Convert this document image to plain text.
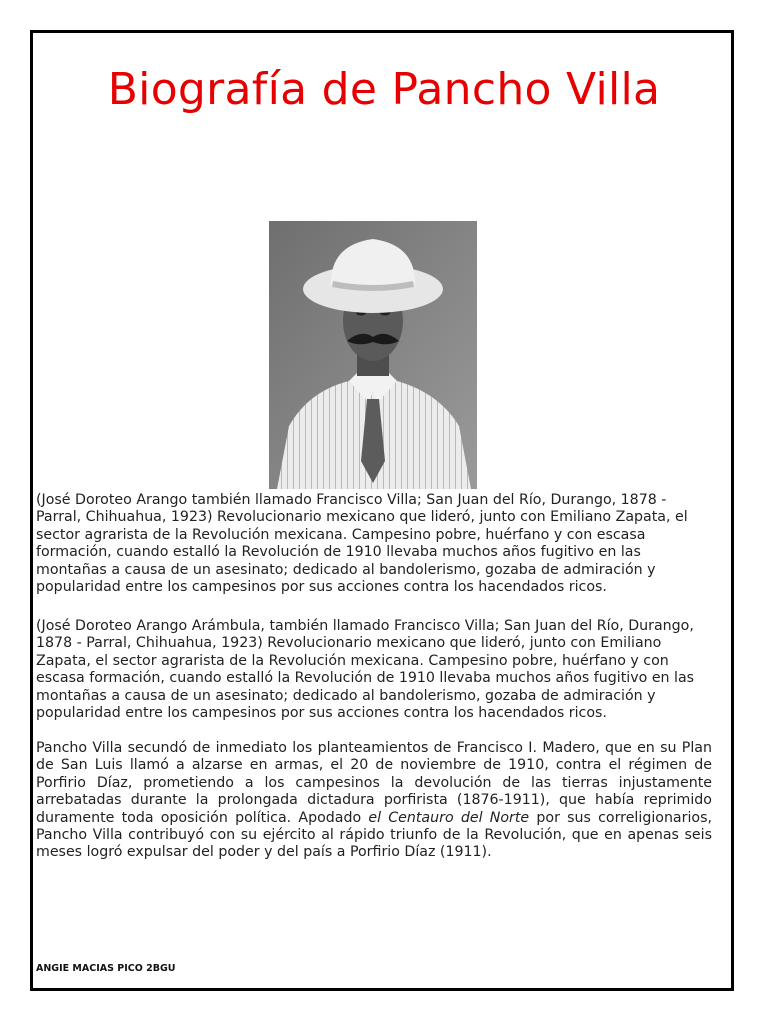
Biografía de Pancho Villa

(José Doroteo Arango también llamado Francisco Villa; San Juan del Río, Durango, 1878 - Parral, Chihuahua, 1923) Revolucionario mexicano que lideró, junto con Emiliano Zapata, el sector agrarista de la Revolución mexicana. Campesino pobre, huérfano y con escasa formación, cuando estalló la Revolución de 1910 llevaba muchos años fugitivo en las montañas a causa de un asesinato; dedicado al bandolerismo, gozaba de admiración y popularidad entre los campesinos por sus acciones contra los hacendados ricos.

(José Doroteo Arango Arámbula, también llamado Francisco Villa; San Juan del Río, Durango, 1878 - Parral, Chihuahua, 1923) Revolucionario mexicano que lideró, junto con Emiliano Zapata, el sector agrarista de la Revolución mexicana. Campesino pobre, huérfano y con escasa formación, cuando estalló la Revolución de 1910 llevaba muchos años fugitivo en las montañas a causa de un asesinato; dedicado al bandolerismo, gozaba de admiración y popularidad entre los campesinos por sus acciones contra los hacendados ricos.

Pancho Villa secundó de inmediato los planteamientos de Francisco I. Madero, que en su Plan de San Luis llamó a alzarse en armas, el 20 de noviembre de 1910, contra el régimen de Porfirio Díaz, prometiendo a los campesinos la devolución de las tierras injustamente arrebatadas durante la prolongada dictadura porfirista (1876-1911), que había reprimido duramente toda oposición política. Apodado el Centauro del Norte por sus correligionarios, Pancho Villa contribuyó con su ejército al rápido triunfo de la Revolución, que en apenas seis meses logró expulsar del poder y del país a Porfirio Díaz (1911).

ANGIE MACIAS PICO 2BGU
